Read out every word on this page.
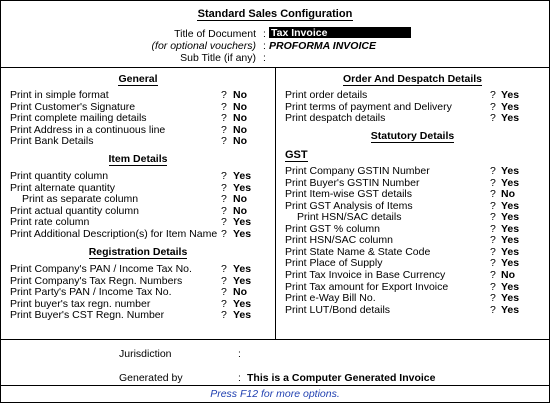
Standard Sales Configuration
Title of Document : Tax Invoice
(for optional vouchers) : PROFORMA INVOICE
Sub Title (if any) :
General
Print in simple format	? No
Print Customer's Signature	? No
Print complete mailing details	? No
Print Address in a continuous line	? No
Print Bank Details	? No
Item Details
Print quantity column	? Yes
Print alternate quantity	? Yes
Print as separate column	? No
Print actual quantity column	? No
Print rate column	? Yes
Print Additional Description(s) for Item Name ? Yes
Registration Details
Print Company's PAN / Income Tax No.	? Yes
Print Company's Tax Regn. Numbers	? Yes
Print Party's PAN / Income Tax No.	? No
Print buyer's tax regn. number	? Yes
Print Buyer's CST Regn. Number	? Yes
Order And Despatch Details
Print order details	? Yes
Print terms of payment and Delivery	? Yes
Print despatch details	? Yes
Statutory Details
GST
Print Company GSTIN Number	? Yes
Print Buyer's GSTIN Number	? Yes
Print Item-wise GST details	? No
Print GST Analysis of Items	? Yes
Print HSN/SAC details	? Yes
Print GST % column	? Yes
Print HSN/SAC column	? Yes
Print State Name & State Code	? Yes
Print Place of Supply	? Yes
Print Tax Invoice in Base Currency	? No
Print Tax amount for Export Invoice	? Yes
Print e-Way Bill No.	? Yes
Print LUT/Bond details	? Yes
Jurisdiction	:
Generated by	: This is a Computer Generated Invoice
Press F12 for more options.
